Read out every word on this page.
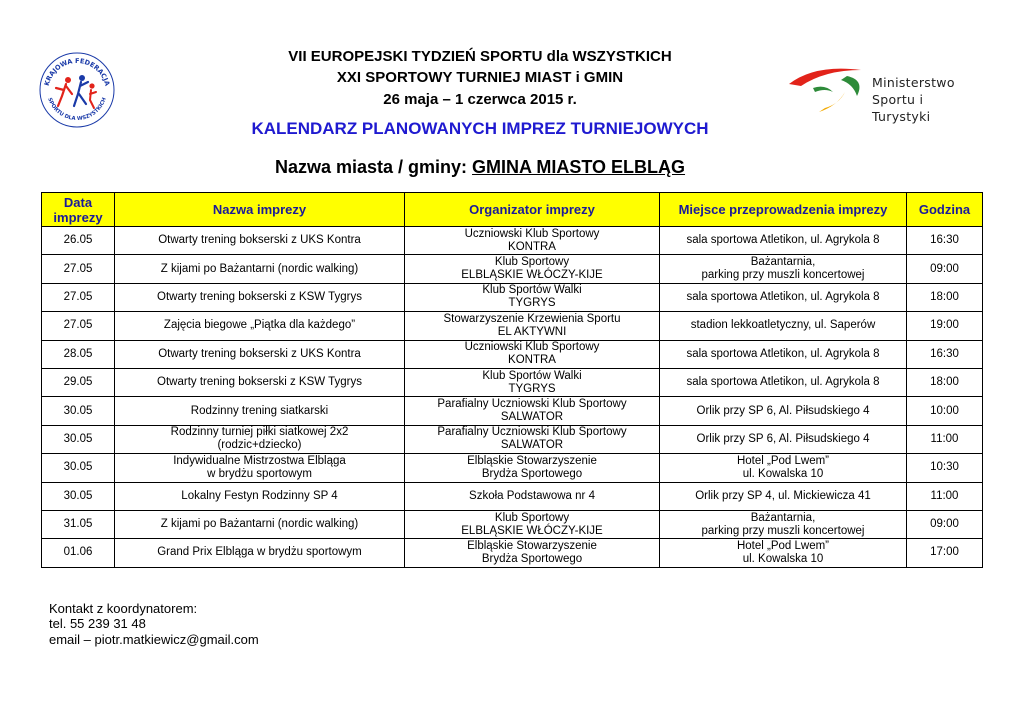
KRAJOWA FEDERACJA
SPORTU DLA WSZYSTKICH
Ministerstwo
Sportu i Turystyki
VII EUROPEJSKI TYDZIEŃ SPORTU dla WSZYSTKICH
XXI SPORTOWY TURNIEJ MIAST i GMIN
26 maja – 1 czerwca 2015 r.
KALENDARZ PLANOWANYCH IMPREZ TURNIEJOWYCH
Nazwa miasta / gminy: GMINA MIASTO ELBLĄG
Data imprezy	Nazwa imprezy	Organizator imprezy	Miejsce przeprowadzenia imprezy	Godzina
26.05	Otwarty trening bokserski z UKS Kontra	Uczniowski Klub Sportowy
KONTRA	sala sportowa Atletikon, ul. Agrykola 8	16:30
27.05	Z kijami po Bażantarni (nordic walking)	Klub Sportowy
ELBLĄSKIE WŁÓCZY-KIJE	Bażantarnia,
parking przy muszli koncertowej	09:00
27.05	Otwarty trening bokserski z KSW Tygrys	Klub Sportów Walki
TYGRYS	sala sportowa Atletikon, ul. Agrykola 8	18:00
27.05	Zajęcia biegowe „Piątka dla każdego”	Stowarzyszenie Krzewienia Sportu
EL AKTYWNI	stadion lekkoatletyczny, ul. Saperów	19:00
28.05	Otwarty trening bokserski z UKS Kontra	Uczniowski Klub Sportowy
KONTRA	sala sportowa Atletikon, ul. Agrykola 8	16:30
29.05	Otwarty trening bokserski z KSW Tygrys	Klub Sportów Walki
TYGRYS	sala sportowa Atletikon, ul. Agrykola 8	18:00
30.05	Rodzinny trening siatkarski	Parafialny Uczniowski Klub Sportowy
SALWATOR	Orlik przy SP 6, Al. Piłsudskiego 4	10:00
30.05	Rodzinny turniej piłki siatkowej 2x2
(rodzic+dziecko)	Parafialny Uczniowski Klub Sportowy
SALWATOR	Orlik przy SP 6, Al. Piłsudskiego 4	11:00
30.05	Indywidualne Mistrzostwa Elbląga
w brydżu sportowym	Elbląskie Stowarzyszenie
Brydża Sportowego	Hotel „Pod Lwem”
ul. Kowalska 10	10:30
30.05	Lokalny Festyn Rodzinny SP 4	Szkoła Podstawowa nr 4	Orlik przy SP 4, ul. Mickiewicza 41	11:00
31.05	Z kijami po Bażantarni (nordic walking)	Klub Sportowy
ELBLĄSKIE WŁÓCZY-KIJE	Bażantarnia,
parking przy muszli koncertowej	09:00
01.06	Grand Prix Elbląga w brydżu sportowym	Elbląskie Stowarzyszenie
Brydża Sportowego	Hotel „Pod Lwem”
ul. Kowalska 10	17:00
Kontakt z koordynatorem:
tel. 55 239 31 48
email – piotr.matkiewicz@gmail.com
